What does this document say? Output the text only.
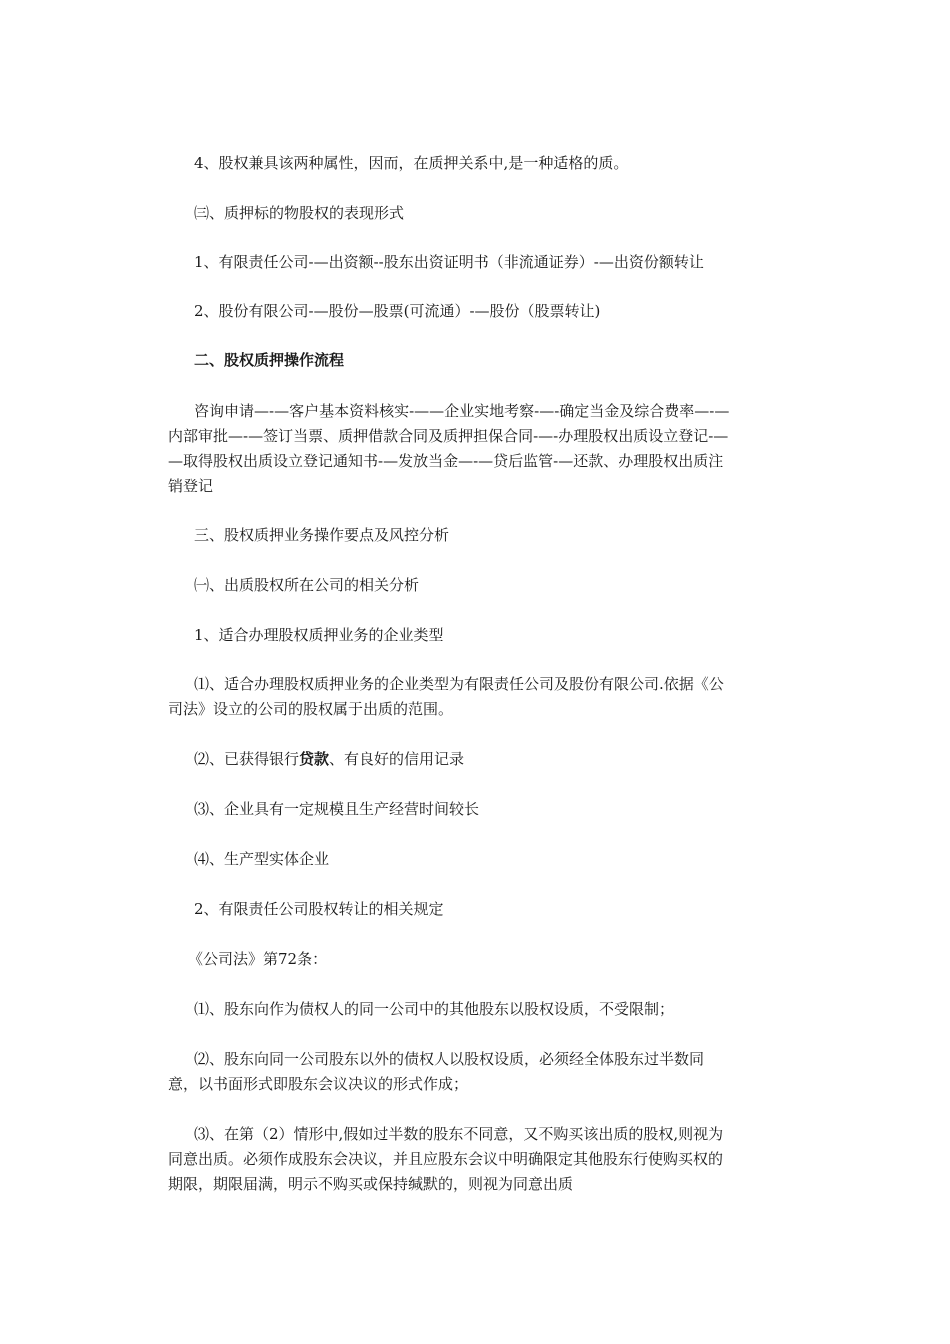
4、股权兼具该两种属性，因而，在质押关系中,是一种适格的质。
㈢、质押标的物股权的表现形式
1、有限责任公司-—出资额--股东出资证明书（非流通证券）-—出资份额转让
2、股份有限公司-—股份—股票(可流通）-—股份（股票转让)
二、股权质押操作流程
咨询申请—-—客户基本资料核实-——企业实地考察-—-确定当金及综合费率—-—
内部审批—-—签订当票、质押借款合同及质押担保合同-—-办理股权出质设立登记-—
—取得股权出质设立登记通知书-—发放当金—-—贷后监管-—还款、办理股权出质注
销登记
三、股权质押业务操作要点及风控分析
㈠、出质股权所在公司的相关分析
1、适合办理股权质押业务的企业类型
⑴、适合办理股权质押业务的企业类型为有限责任公司及股份有限公司.依据《公
司法》设立的公司的股权属于出质的范围。
⑵、已获得银行贷款、有良好的信用记录
⑶、企业具有一定规模且生产经营时间较长
⑷、生产型实体企业
2、有限责任公司股权转让的相关规定
《公司法》第72条：
⑴、股东向作为债权人的同一公司中的其他股东以股权设质，不受限制；
⑵、股东向同一公司股东以外的债权人以股权设质，必须经全体股东过半数同
意，以书面形式即股东会议决议的形式作成；
⑶、在第（2）情形中,假如过半数的股东不同意，又不购买该出质的股权,则视为
同意出质。必须作成股东会决议，并且应股东会议中明确限定其他股东行使购买权的
期限，期限届满，明示不购买或保持缄默的，则视为同意出质
